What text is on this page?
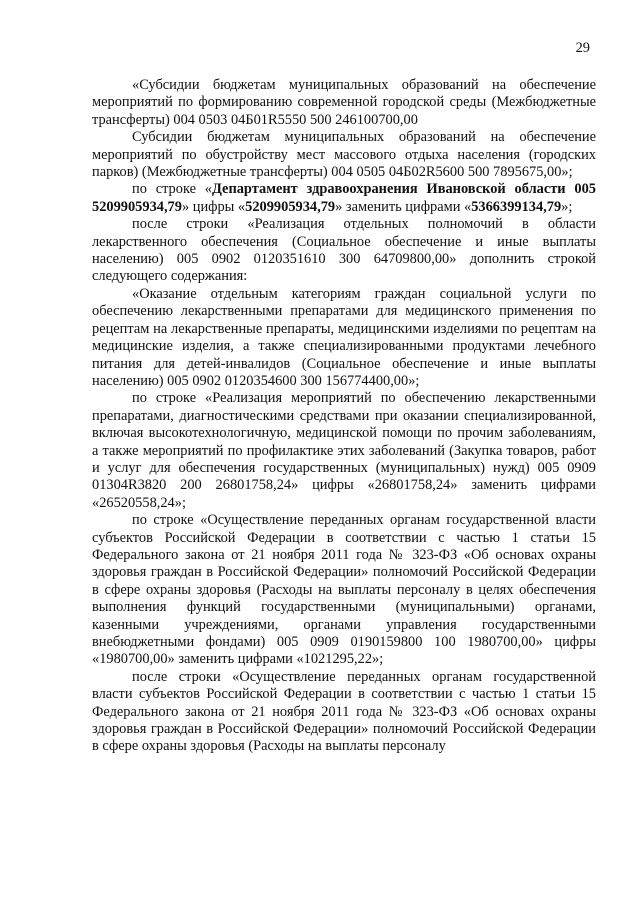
29

«Субсидии бюджетам муниципальных образований на обеспечение мероприятий по формированию современной городской среды (Межбюджетные трансферты) 004 0503 04Б01R5550 500 246100700,00

Субсидии бюджетам муниципальных образований на обеспечение мероприятий по обустройству мест массового отдыха населения (городских парков) (Межбюджетные трансферты) 004 0505 04Б02R5600 500 7895675,00»;

по строке «Департамент здравоохранения Ивановской области 005 5209905934,79» цифры «5209905934,79» заменить цифрами «5366399134,79»;

после строки «Реализация отдельных полномочий в области лекарственного обеспечения (Социальное обеспечение и иные выплаты населению) 005 0902 0120351610 300 64709800,00» дополнить строкой следующего содержания:

«Оказание отдельным категориям граждан социальной услуги по обеспечению лекарственными препаратами для медицинского применения по рецептам на лекарственные препараты, медицинскими изделиями по рецептам на медицинские изделия, а также специализированными продуктами лечебного питания для детей-инвалидов (Социальное обеспечение и иные выплаты населению) 005 0902 0120354600 300 156774400,00»;

по строке «Реализация мероприятий по обеспечению лекарственными препаратами, диагностическими средствами при оказании специализированной, включая высокотехнологичную, медицинской помощи по прочим заболеваниям, а также мероприятий по профилактике этих заболеваний (Закупка товаров, работ и услуг для обеспечения государственных (муниципальных) нужд) 005 0909 01304R3820 200 26801758,24» цифры «26801758,24» заменить цифрами «26520558,24»;

по строке «Осуществление переданных органам государственной власти субъектов Российской Федерации в соответствии с частью 1 статьи 15 Федерального закона от 21 ноября 2011 года № 323-ФЗ «Об основах охраны здоровья граждан в Российской Федерации» полномочий Российской Федерации в сфере охраны здоровья (Расходы на выплаты персоналу в целях обеспечения выполнения функций государственными (муниципальными) органами, казенными учреждениями, органами управления государственными внебюджетными фондами) 005 0909 0190159800 100 1980700,00» цифры «1980700,00» заменить цифрами «1021295,22»;

после строки «Осуществление переданных органам государственной власти субъектов Российской Федерации в соответствии с частью 1 статьи 15 Федерального закона от 21 ноября 2011 года № 323-ФЗ «Об основах охраны здоровья граждан в Российской Федерации» полномочий Российской Федерации в сфере охраны здоровья (Расходы на выплаты персоналу
